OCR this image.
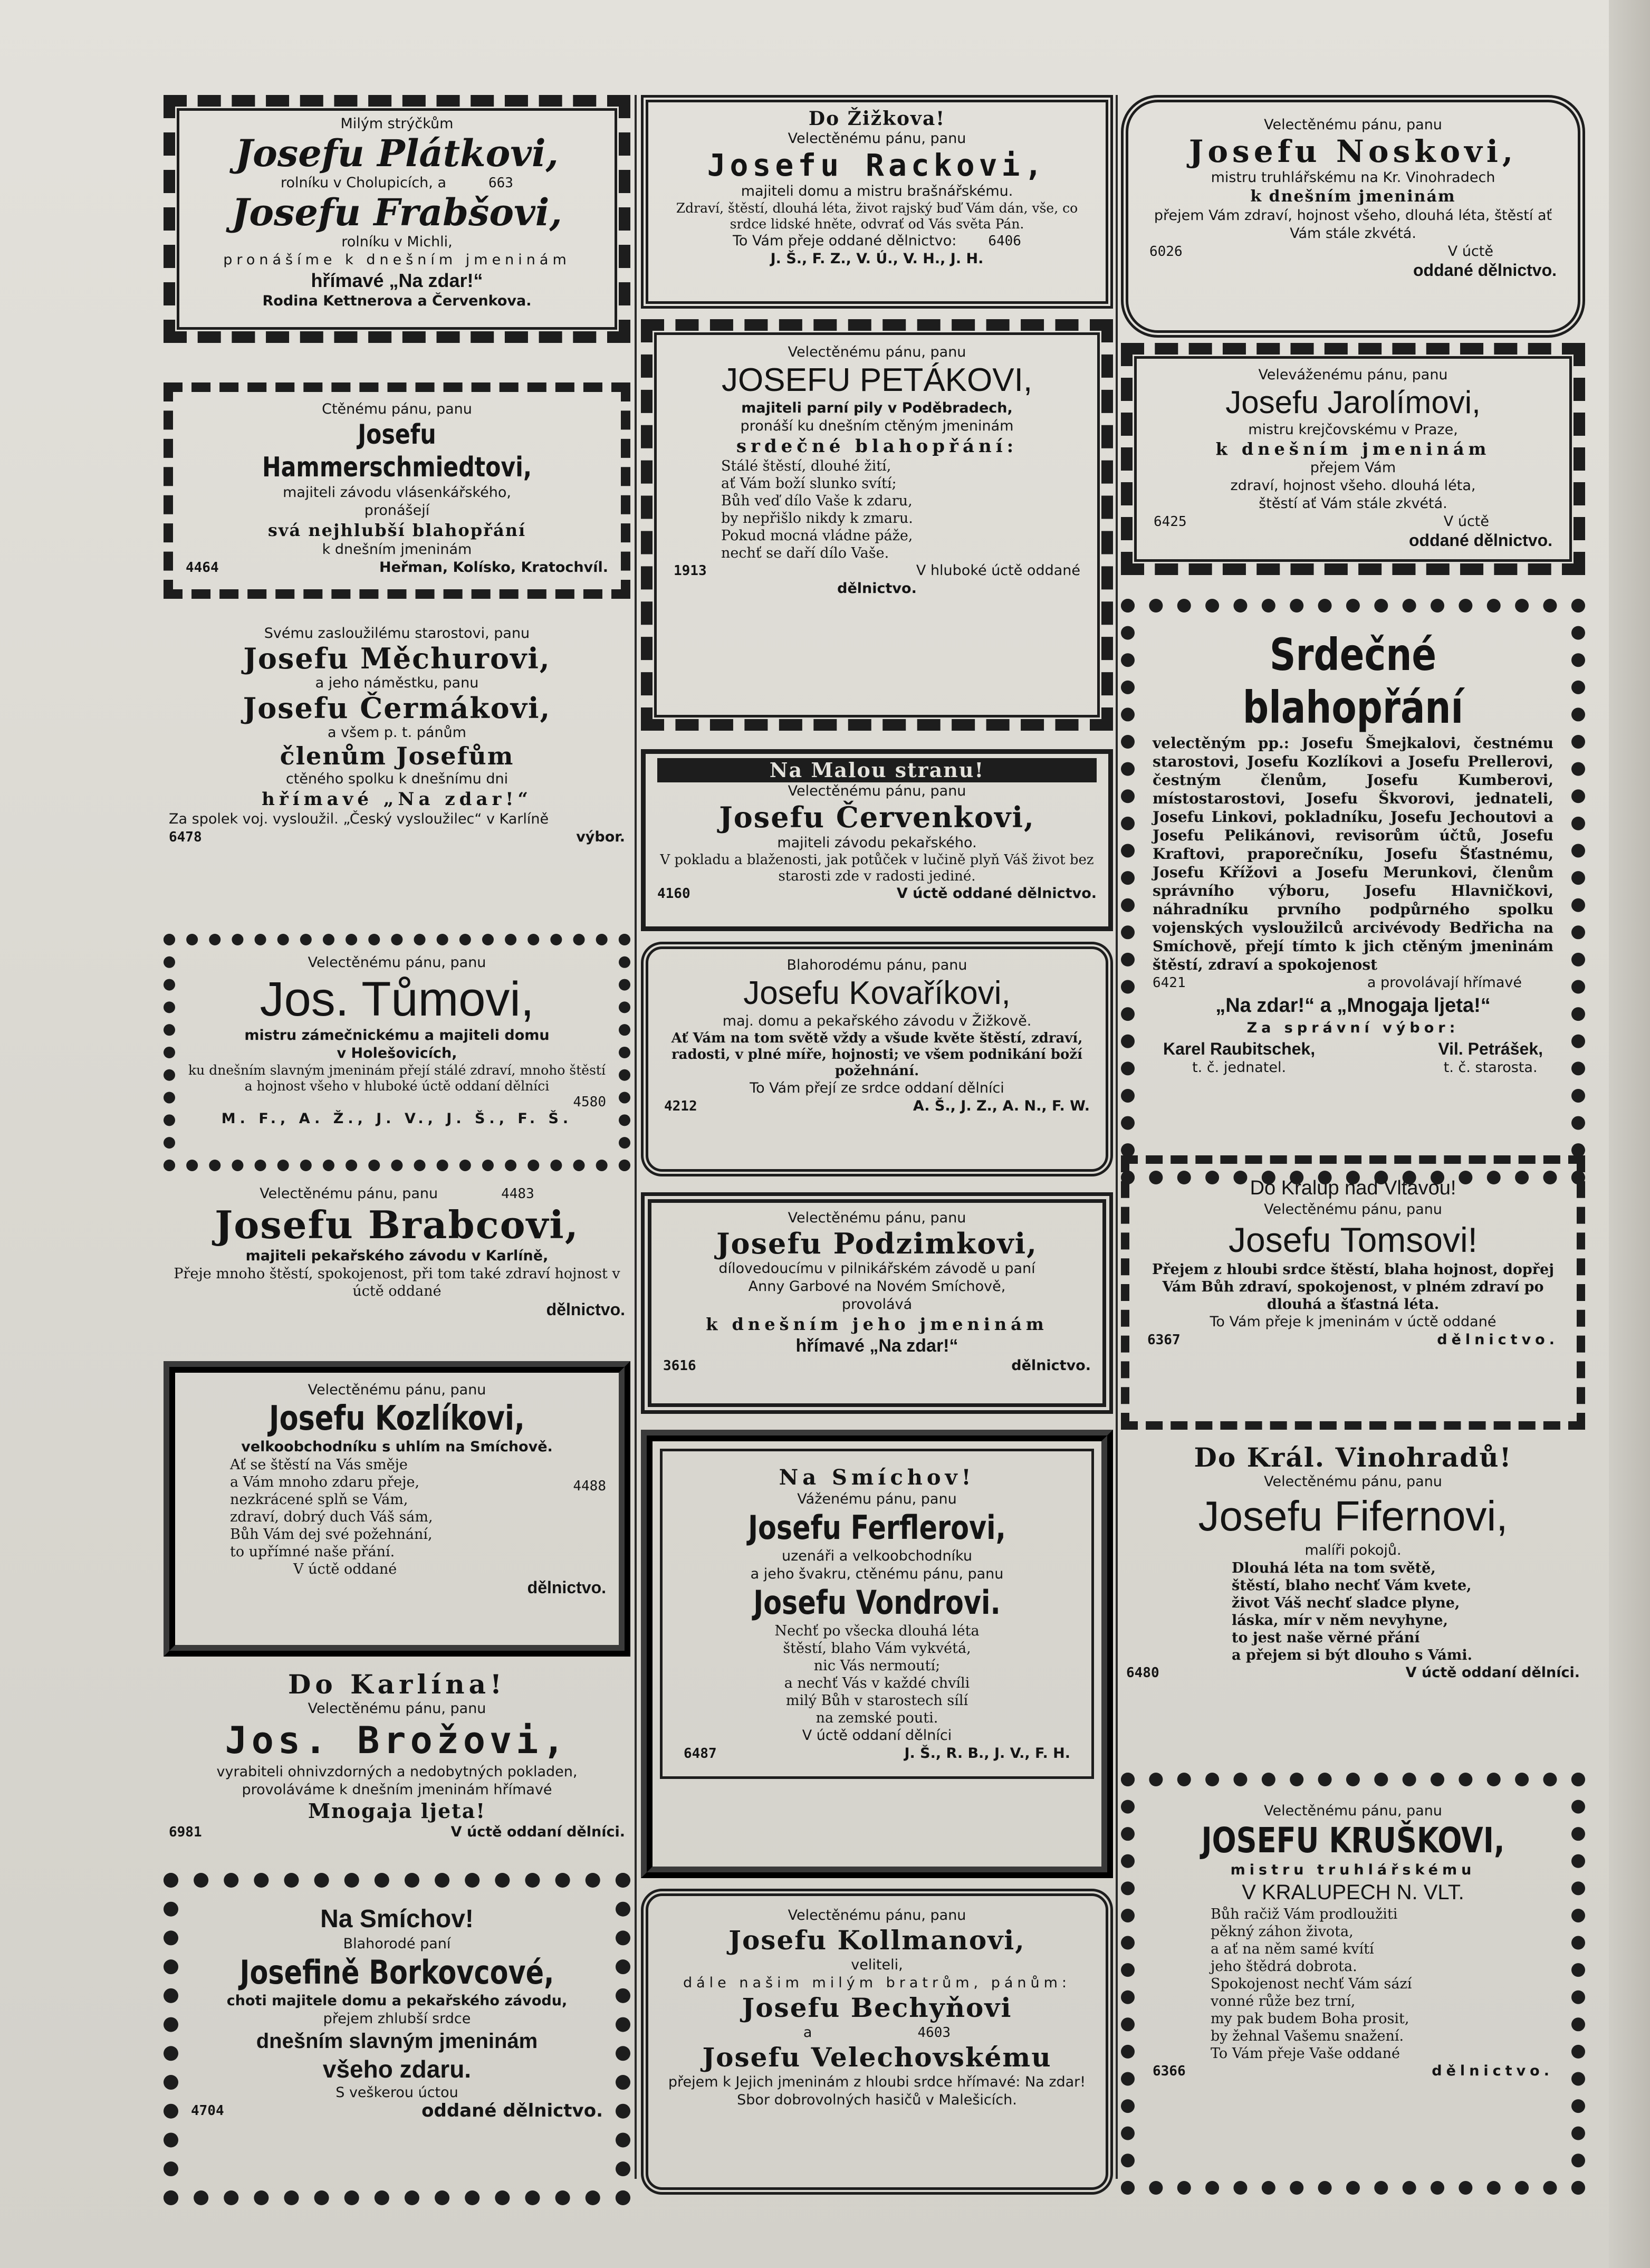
Milým strýčkům
Josefu Plátkovi,
rolníku v Cholupicích, a	663
Josefu Frabšovi,
rolníku v Michli,
pronášíme k dnešním jmeninám
hřímavé „Na zdar!“
Rodina Kettnerova a Červenkova.
Ctěnému pánu, panu
Josefu Hammerschmiedtovi,
majiteli závodu vlásenkářského,
pronášejí
svá nejhlubší blahopřání
k dnešním jmeninám
4464	Heřman, Kolísko, Kratochvíl.
Svému zasloužilému starostovi, panu
Josefu Měchurovi,
a jeho náměstku, panu
Josefu Čermákovi,
a všem p. t. pánům
členům Josefům
ctěného spolku k dnešnímu dni
hřímavé „Na zdar!“
Za spolek voj. vysloužil. „Český vysloužilec“ v Karlíně
6478	výbor.
Velectěnému pánu, panu
Jos. Tůmovi,
mistru zámečnickému a majiteli domu
v Holešovicích,
ku dnešním slavným jmeninám přejí stálé zdraví, mnoho štěstí a hojnost všeho v hluboké úctě oddaní dělníci
4580
M. F., A. Ž., J. V., J. Š., F. Š.
Velectěnému pánu, panu	4483
Josefu Brabcovi,
majiteli pekařského závodu v Karlíně,
Přeje mnoho štěstí, spokojenost, při tom také zdraví hojnost v úctě oddané
dělnictvo.
Velectěnému pánu, panu
Josefu Kozlíkovi,
velkoobchodníku s uhlím na Smíchově.
Ať se štěstí na Vás směje
a Vám mnoho zdaru přeje,
nezkrácené splň se Vám,
zdraví, dobrý duch Váš sám,
Bůh Vám dej své požehnání,
to upřímné naše přání.
V úctě oddané
4488
dělnictvo.
Do Karlína!
Velectěnému pánu, panu
Jos. Brožovi,
vyrabiteli ohnivzdorných a nedobytných pokladen,
provoláváme k dnešním jmeninám hřímavé
Mnogaja ljeta!
6981	V úctě oddaní dělníci.
Na Smíchov!
Blahorodé paní
Josefině Borkovcové,
choti majitele domu a pekařského závodu,
přejem zhlubší srdce
dnešním slavným jmeninám
všeho zdaru.
S veškerou úctou
4704	oddané dělnictvo.
Do Žižkova!
Velectěnému pánu, panu
Josefu Rackovi,
majiteli domu a mistru brašnářskému.
Zdraví, štěstí, dlouhá léta, život rajský buď Vám dán, vše, co srdce lidské hněte, odvrať od Vás světa Pán.
To Vám přeje oddané dělnictvo: 6406
J. Š., F. Z., V. Ú., V. H., J. H.
Velectěnému pánu, panu
JOSEFU PETÁKOVI,
majiteli parní pily v Poděbradech,
pronáší ku dnešním ctěným jmeninám
srdečné blahopřání:
Stálé štěstí, dlouhé žití,
ať Vám boží slunko svítí;
Bůh veď dílo Vaše k zdaru,
by nepřišlo nikdy k zmaru.
Pokud mocná vládne páže,
nechť se daří dílo Vaše.
1913	V hluboké úctě oddané
dělnictvo.
Na Malou stranu!
Velectěnému pánu, panu
Josefu Červenkovi,
majiteli závodu pekařského.
V pokladu a blaženosti, jak potůček v lučině plyň Váš život bez starosti zde v radosti jediné.
4160	V úctě oddané dělnictvo.
Blahorodému pánu, panu
Josefu Kovaříkovi,
maj. domu a pekařského závodu v Žižkově.
Ať Vám na tom světě vždy a všude květe štěstí, zdraví, radosti, v plné míře, hojnosti; ve všem podnikání boží požehnání.
To Vám přejí ze srdce oddaní dělníci
4212	A. Š., J. Z., A. N., F. W.
Velectěnému pánu, panu
Josefu Podzimkovi,
dílovedoucímu v pilnikářském závodě u paní
Anny Garbové na Novém Smíchově,
provolává
k dnešním jeho jmeninám
hřímavé „Na zdar!“
3616	dělnictvo.
Na Smíchov!
Váženému pánu, panu
Josefu Ferflerovi,
uzenáři a velkoobchodníku
a jeho švakru, ctěnému pánu, panu
Josefu Vondrovi.
Nechť po všecka dlouhá léta
štěstí, blaho Vám vykvétá,
nic Vás nermoutí;
a nechť Vás v každé chvíli
milý Bůh v starostech sílí
na zemské pouti.
V úctě oddaní dělníci
6487	J. Š., R. B., J. V., F. H.
Velectěnému pánu, panu
Josefu Kollmanovi,
veliteli,
dále našim milým bratrům, pánům:
Josefu Bechyňovi
a	4603
Josefu Velechovskému
přejem k Jejich jmeninám z hloubi srdce hřímavé: Na zdar!
Sbor dobrovolných hasičů v Malešicích.
Velectěnému pánu, panu
Josefu Noskovi,
mistru truhlářskému na Kr. Vinohradech
k dnešním jmeninám
přejem Vám zdraví, hojnost všeho, dlouhá léta, štěstí ať Vám stále zkvétá.
6026	V úctě
oddané dělnictvo.
Veleváženému pánu, panu
Josefu Jarolímovi,
mistru krejčovskému v Praze,
k dnešním jmeninám
přejem Vám
zdraví, hojnost všeho. dlouhá léta,
štěstí ať Vám stále zkvétá.
6425	V úctě
oddané dělnictvo.
Srdečné blahopřání
velectěným pp.: Josefu Šmejkalovi, čestnému starostovi, Josefu Kozlíkovi a Josefu Prellerovi, čestným členům, Josefu Kumberovi, místostarostovi, Josefu Škvorovi, jednateli, Josefu Linkovi, pokladníku, Josefu Jechoutovi a Josefu Pelikánovi, revisorům účtů, Josefu Kraftovi, praporečníku, Josefu Šťastnému, Josefu Křížovi a Josefu Merunkovi, členům správního výboru, Josefu Hlavničkovi, náhradníku prvního podpůrného spolku vojenských vysloužilců arcivévody Bedřicha na Smíchově, přejí tímto k jich ctěným jmeninám štěstí, zdraví a spokojenost
6421	a provolávají hřímavé
„Na zdar!“ a „Mnogaja ljeta!“
Za správní výbor:
Karel Raubitschek,
t. č. jednatel.
Vil. Petrášek,
t. č. starosta.
Do Kralup nad Vltavou!
Velectěnému pánu, panu
Josefu Tomsovi!
Přejem z hloubi srdce štěstí, blaha hojnost, dopřej Vám Bůh zdraví, spokojenost, v plném zdraví po dlouhá a šťastná léta.
To Vám přeje k jmeninám v úctě oddané
6367	dělnictvo.
Do Král. Vinohradů!
Velectěnému pánu, panu
Josefu Fifernovi,
malíři pokojů.
Dlouhá léta na tom světě,
štěstí, blaho nechť Vám kvete,
život Váš nechť sladce plyne,
láska, mír v něm nevyhyne,
to jest naše věrné přání
a přejem si být dlouho s Vámi.
6480	V úctě oddaní dělníci.
Velectěnému pánu, panu
JOSEFU KRUŠKOVI,
mistru truhlářskému
V KRALUPECH N. VLT.
Bůh račiž Vám prodloužiti
pěkný záhon života,
a ať na něm samé kvítí
jeho štědrá dobrota.
Spokojenost nechť Vám sází
vonné růže bez trní,
my pak budem Boha prosit,
by žehnal Vašemu snažení.
To Vám přeje Vaše oddané
6366	dělnictvo.
